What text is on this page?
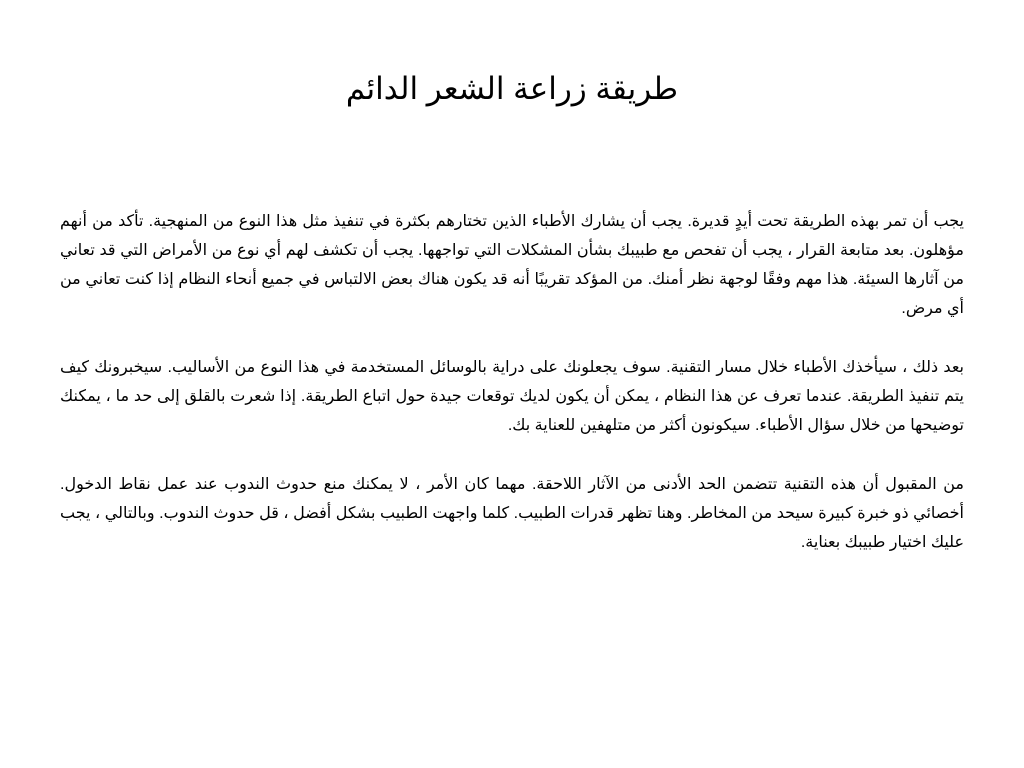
طريقة زراعة الشعر الدائم

يجب أن تمر بهذه الطريقة تحت أيدٍ قديرة. يجب أن يشارك الأطباء الذين تختارهم بكثرة في تنفيذ مثل هذا النوع من المنهجية. تأكد من أنهم مؤهلون. بعد متابعة القرار ، يجب أن تفحص مع طبيبك بشأن المشكلات التي تواجهها. يجب أن تكشف لهم أي نوع من الأمراض التي قد تعاني من آثارها السيئة. هذا مهم وفقًا لوجهة نظر أمنك. من المؤكد تقريبًا أنه قد يكون هناك بعض الالتباس في جميع أنحاء النظام إذا كنت تعاني من أي مرض.

بعد ذلك ، سيأخذك الأطباء خلال مسار التقنية. سوف يجعلونك على دراية بالوسائل المستخدمة في هذا النوع من الأساليب. سيخبرونك كيف يتم تنفيذ الطريقة. عندما تعرف عن هذا النظام ، يمكن أن يكون لديك توقعات جيدة حول اتباع الطريقة. إذا شعرت بالقلق إلى حد ما ، يمكنك توضيحها من خلال سؤال الأطباء. سيكونون أكثر من متلهفين للعناية بك.

من المقبول أن هذه التقنية تتضمن الحد الأدنى من الآثار اللاحقة. مهما كان الأمر ، لا يمكنك منع حدوث الندوب عند عمل نقاط الدخول. أخصائي ذو خبرة كبيرة سيحد من المخاطر. وهنا تظهر قدرات الطبيب. كلما واجهت الطبيب بشكل أفضل ، قل حدوث الندوب. وبالتالي ، يجب عليك اختيار طبيبك بعناية.
